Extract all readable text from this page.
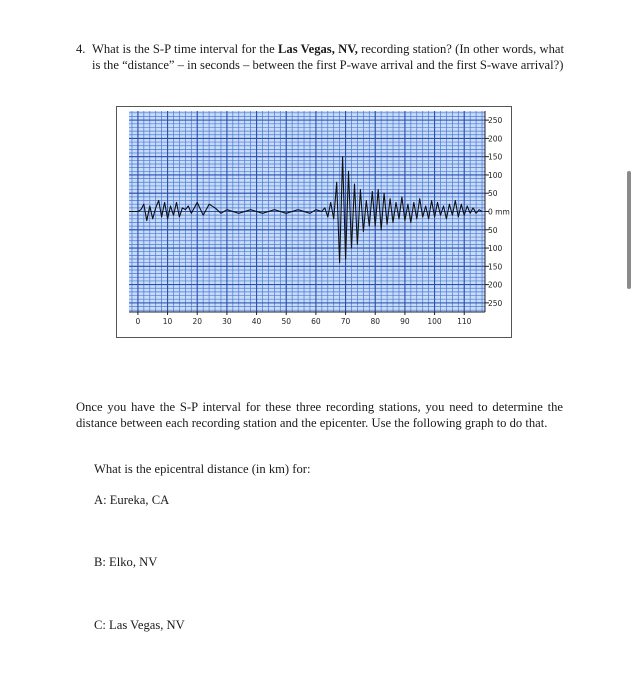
4. What is the S-P time interval for the Las Vegas, NV, recording station? (In other words, what is the “distance” – in seconds – between the first P-wave arrival and the first S-wave arrival?)
250
200
150
100
50
0 mm
50
100
150
200
250
0	10	20	30	40	50	60	70	80	90 100 110
Once you have the S-P interval for these three recording stations, you need to determine the distance between each recording station and the epicenter. Use the following graph to do that.
What is the epicentral distance (in km) for:
A: Eureka, CA
B: Elko, NV
C: Las Vegas, NV
